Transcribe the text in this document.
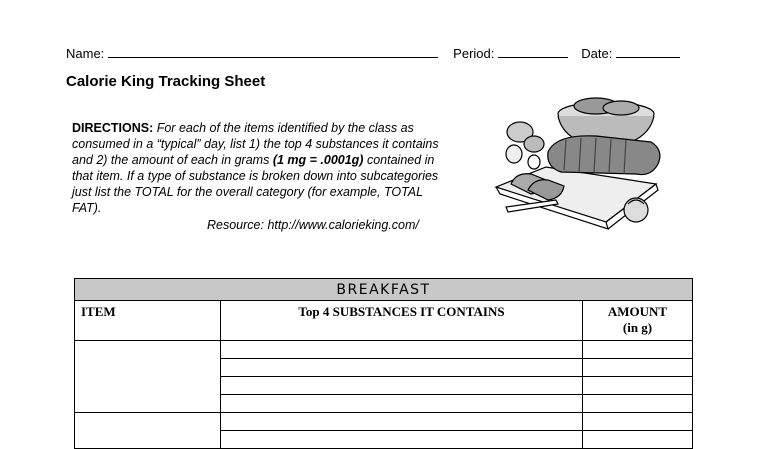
Name:	Period:	Date:
Calorie King Tracking Sheet
DIRECTIONS: For each of the items identified by the class as consumed in a “typical” day, list 1) the top 4 substances it contains and 2) the amount of each in grams (1 mg = .0001g) contained in that item. If a type of substance is broken down into subcategories just list the TOTAL for the overall category (for example, TOTAL FAT).
Resource: http://www.calorieking.com/
BREAKFAST		
ITEM	Top 4 SUBSTANCES IT CONTAINS	AMOUNT
(in g)
